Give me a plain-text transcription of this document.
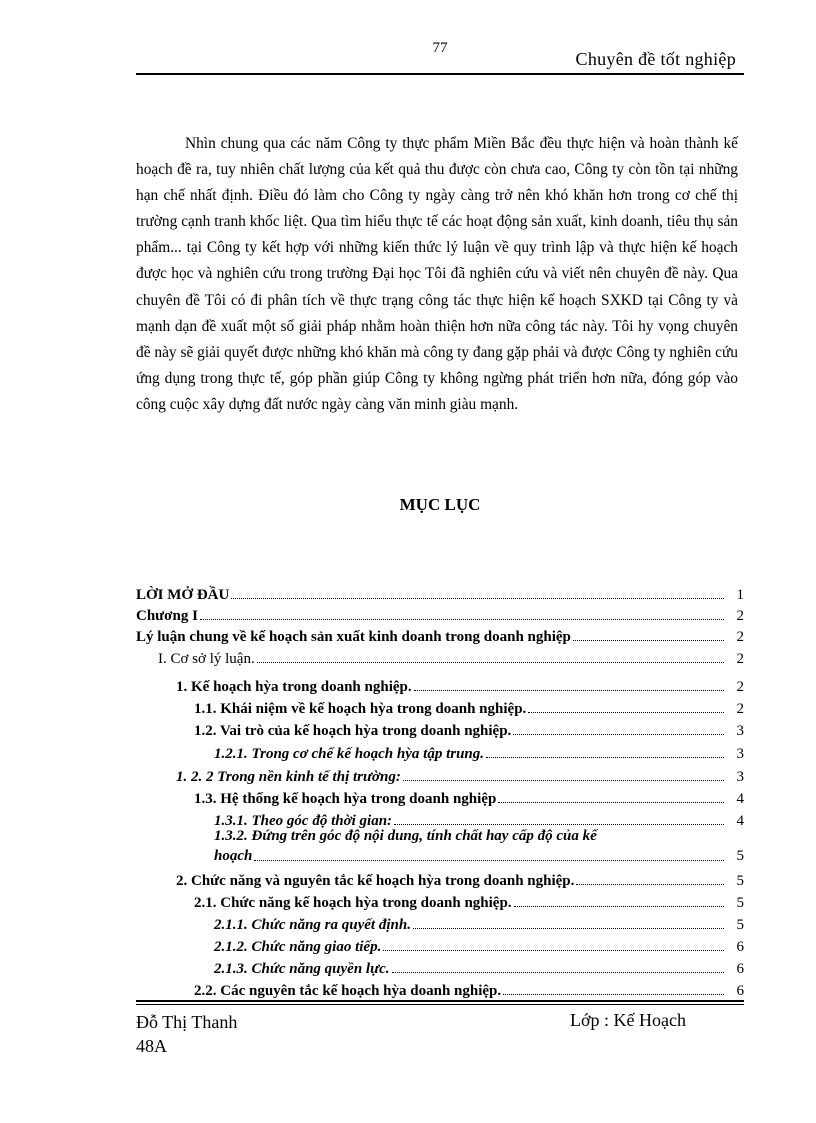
77
Chuyên đề tốt nghiệp

Nhìn chung qua các năm Công ty thực phẩm Miền Bắc đều thực hiện và hoàn thành kế hoạch đề ra, tuy nhiên chất lượng của kết quả thu được còn chưa cao, Công ty còn tồn tại những hạn chế nhất định. Điều đó làm cho Công ty ngày càng trở nên khó khăn hơn trong cơ chế thị trường cạnh tranh khốc liệt. Qua tìm hiểu thực tế các hoạt động sản xuất, kinh doanh, tiêu thụ sản phẩm... tại Công ty kết hợp với những kiến thức lý luận về quy trình lập và thực hiện kế hoạch được học và nghiên cứu trong trường Đại học Tôi đã nghiên cứu và viết nên chuyên đề này. Qua chuyên đề Tôi có đi phân tích về thực trạng công tác thực hiện kế hoạch SXKD tại Công ty và mạnh dạn đề xuất một số giải pháp nhằm hoàn thiện hơn nữa công tác này. Tôi hy vọng chuyên đề này sẽ giải quyết được những khó khăn mà công ty đang gặp phải và được Công ty nghiên cứu ứng dụng trong thực tế, góp phần giúp Công ty không ngừng phát triển hơn nữa, đóng góp vào công cuộc xây dựng đất nước ngày càng văn minh giàu mạnh.

MỤC LỤC
LỜI MỞ ĐẦU	1
Chương I	2
Lý luận chung về kế hoạch sản xuất kinh doanh trong doanh nghiệp	2
I. Cơ sở lý luận.	2
1. Kế hoạch hỳa trong doanh nghiệp.	2
1.1. Khái niệm về kế hoạch hỳa trong doanh nghiệp.	2
1.2. Vai trò của kế hoạch hỳa trong doanh nghiệp.	3
1.2.1. Trong cơ chế kế hoạch hỳa tập trung.	3
1. 2. 2 Trong nền kinh tế thị trường:	3
1.3. Hệ thống kế hoạch hỳa trong doanh nghiệp	4
1.3.1. Theo góc độ thời gian:	4
1.3.2. Đứng trên góc độ nội dung, tính chất hay cấp độ của kế
hoạch	5
2. Chức năng và nguyên tắc kế hoạch hỳa trong doanh nghiệp.	5
2.1. Chức năng kế hoạch hỳa trong doanh nghiệp.	5
2.1.1. Chức năng ra quyết định.	5
2.1.2. Chức năng giao tiếp.	6
2.1.3. Chức năng quyền lực.	6
2.2. Các nguyên tắc kế hoạch hỳa doanh nghiệp.	6
Đỗ Thị Thanh
48A
Lớp : Kế Hoạch
